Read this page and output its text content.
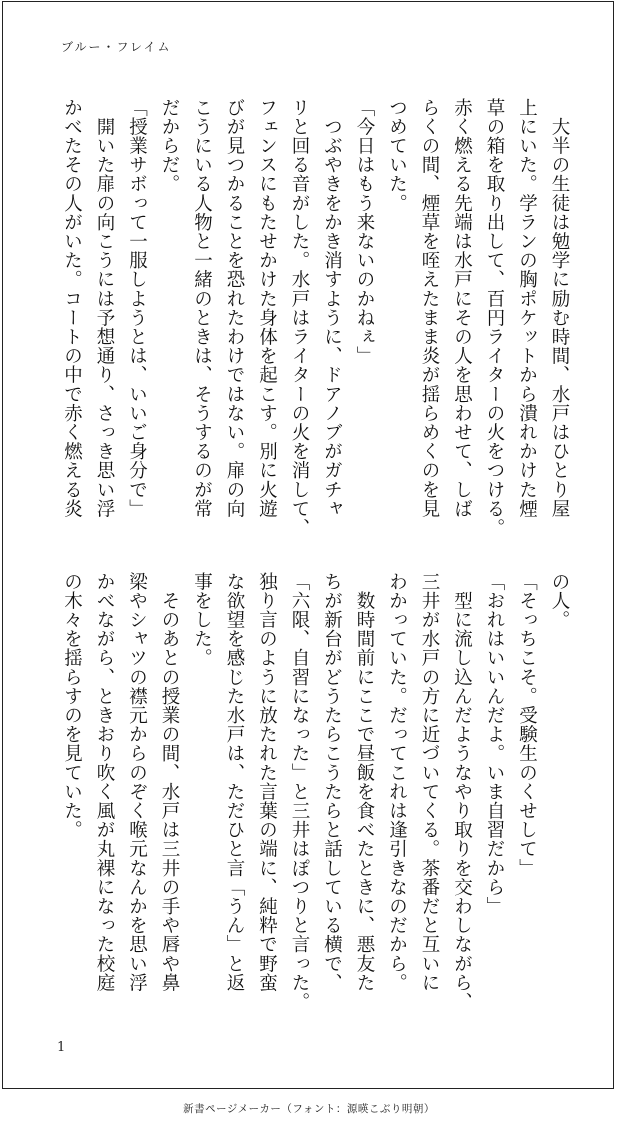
ブルー・フレイム
　大半の生徒は勉学に励む時間、水戸はひとり屋
上にいた。学ランの胸ポケットから潰れかけた煙
草の箱を取り出して、百円ライターの火をつける。
赤く燃える先端は水戸にその人を思わせて、しば
らくの間、煙草を咥えたまま炎が揺らめくのを見
つめていた。
「今日はもう来ないのかねぇ」
　つぶやきをかき消すように、ドアノブがガチャ
リと回る音がした。水戸はライターの火を消して、
フェンスにもたせかけた身体を起こす。別に火遊
びが見つかることを恐れたわけではない。扉の向
こうにいる人物と一緒のときは、そうするのが常
だからだ。
「授業サボって一服しようとは、いいご身分で」
　開いた扉の向こうには予想通り、さっき思い浮
かべたその人がいた。コートの中で赤く燃える炎
の人。
「そっちこそ。受験生のくせして」
「おれはいいんだよ。いま自習だから」
　型に流し込んだようなやり取りを交わしながら、
三井が水戸の方に近づいてくる。茶番だと互いに
わかっていた。だってこれは逢引きなのだから。
　数時間前にここで昼飯を食べたときに、悪友た
ちが新台がどうたらこうたらと話している横で、
「六限、自習になった」と三井はぽつりと言った。
独り言のように放たれた言葉の端に、純粋で野蛮
な欲望を感じた水戸は、ただひと言「うん」と返
事をした。
　そのあとの授業の間、水戸は三井の手や唇や鼻
梁やシャツの襟元からのぞく喉元なんかを思い浮
かべながら、ときおり吹く風が丸裸になった校庭
の木々を揺らすのを見ていた。
1
新書ページメーカー（フォント：源暎こぶり明朝）
